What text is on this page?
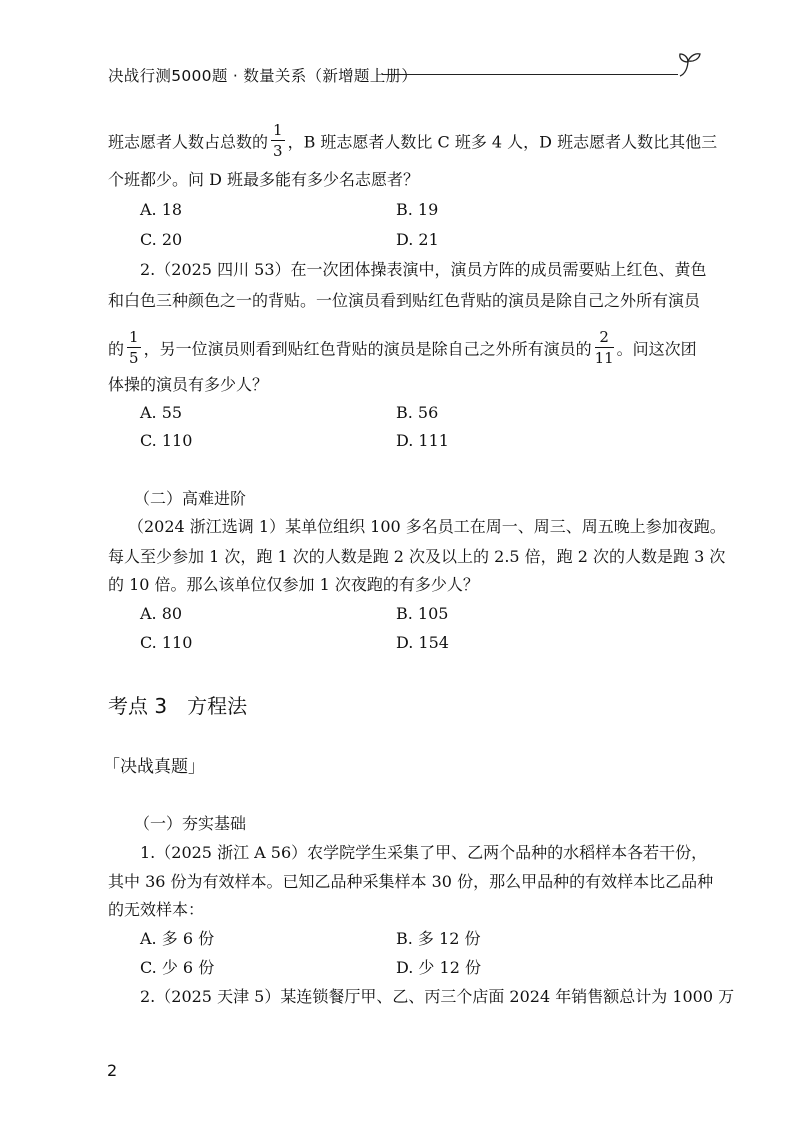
决战行测5000题 · 数量关系（新增题上册）
班志愿者人数占总数的 $\frac{1}{3}$ ，B 班志愿者人数比 C 班多 4 人，D 班志愿者人数比其他三
个班都少。问 D 班最多能有多少名志愿者？
A. 18	B. 19
C. 20	D. 21
2.（2025 四川 53）在一次团体操表演中，演员方阵的成员需要贴上红色、黄色
和白色三种颜色之一的背贴。一位演员看到贴红色背贴的演员是除自己之外所有演员
的 $\frac{1}{5}$ ，另一位演员则看到贴红色背贴的演员是除自己之外所有演员的 $\frac{2}{11}$ 。问这次团
体操的演员有多少人？
A. 55	B. 56
C. 110	D. 111
（二）高难进阶
（2024 浙江选调 1）某单位组织 100 多名员工在周一、周三、周五晚上参加夜跑。
每人至少参加 1 次，跑 1 次的人数是跑 2 次及以上的 2.5 倍，跑 2 次的人数是跑 3 次
的 10 倍。那么该单位仅参加 1 次夜跑的有多少人？
A. 80	B. 105
C. 110	D. 154
考点 3 方程法
「决战真题」
（一）夯实基础
1.（2025 浙江 A 56）农学院学生采集了甲、乙两个品种的水稻样本各若干份，
其中 36 份为有效样本。已知乙品种采集样本 30 份，那么甲品种的有效样本比乙品种
的无效样本：
A. 多 6 份	B. 多 12 份
C. 少 6 份	D. 少 12 份
2.（2025 天津 5）某连锁餐厅甲、乙、丙三个店面 2024 年销售额总计为 1000 万
2
